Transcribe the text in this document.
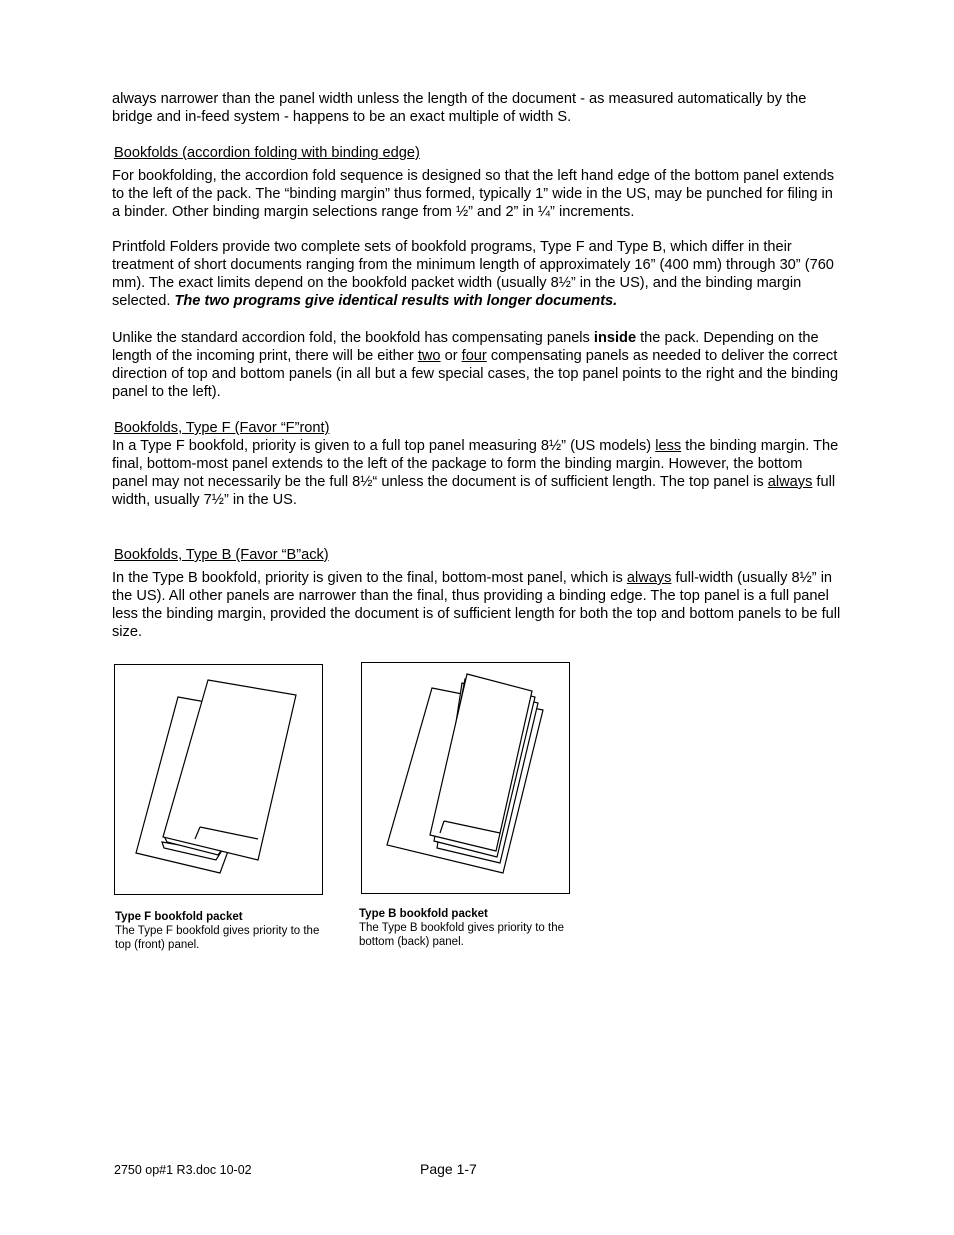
always narrower than the panel width unless the length of the document - as measured automatically by the bridge and in-feed system - happens to be an exact multiple of width S.

Bookfolds (accordion folding with binding edge)

For bookfolding, the accordion fold sequence is designed so that the left hand edge of the bottom panel extends to the left of the pack. The “binding margin” thus formed, typically 1” wide in the US, may be punched for filing in a binder. Other binding margin selections range from ½” and 2” in ¼” increments.

Printfold Folders provide two complete sets of bookfold programs, Type F and Type B, which differ in their treatment of short documents ranging from the minimum length of approximately 16” (400 mm) through 30” (760 mm). The exact limits depend on the bookfold packet width (usually 8½” in the US), and the binding margin selected. The two programs give identical results with longer documents.

Unlike the standard accordion fold, the bookfold has compensating panels inside the pack. Depending on the length of the incoming print, there will be either two or four compensating panels as needed to deliver the correct direction of top and bottom panels (in all but a few special cases, the top panel points to the right and the binding panel to the left).

Bookfolds, Type F (Favor “F”ront)

In a Type F bookfold, priority is given to a full top panel measuring 8½” (US models) less the binding margin. The final, bottom-most panel extends to the left of the package to form the binding margin. However, the bottom panel may not necessarily be the full 8½“ unless the document is of sufficient length. The top panel is always full width, usually 7½” in the US.

Bookfolds, Type B (Favor “B”ack)

In the Type B bookfold, priority is given to the final, bottom-most panel, which is always full-width (usually 8½” in the US). All other panels are narrower than the final, thus providing a binding edge. The top panel is a full panel less the binding margin, provided the document is of sufficient length for both the top and bottom panels to be full size.

Type F bookfold packet
The Type F bookfold gives priority to the top (front) panel.
Type B bookfold packet
The Type B bookfold gives priority to the bottom (back) panel.
2750 op#1 R3.doc 10-02	Page 1-7
